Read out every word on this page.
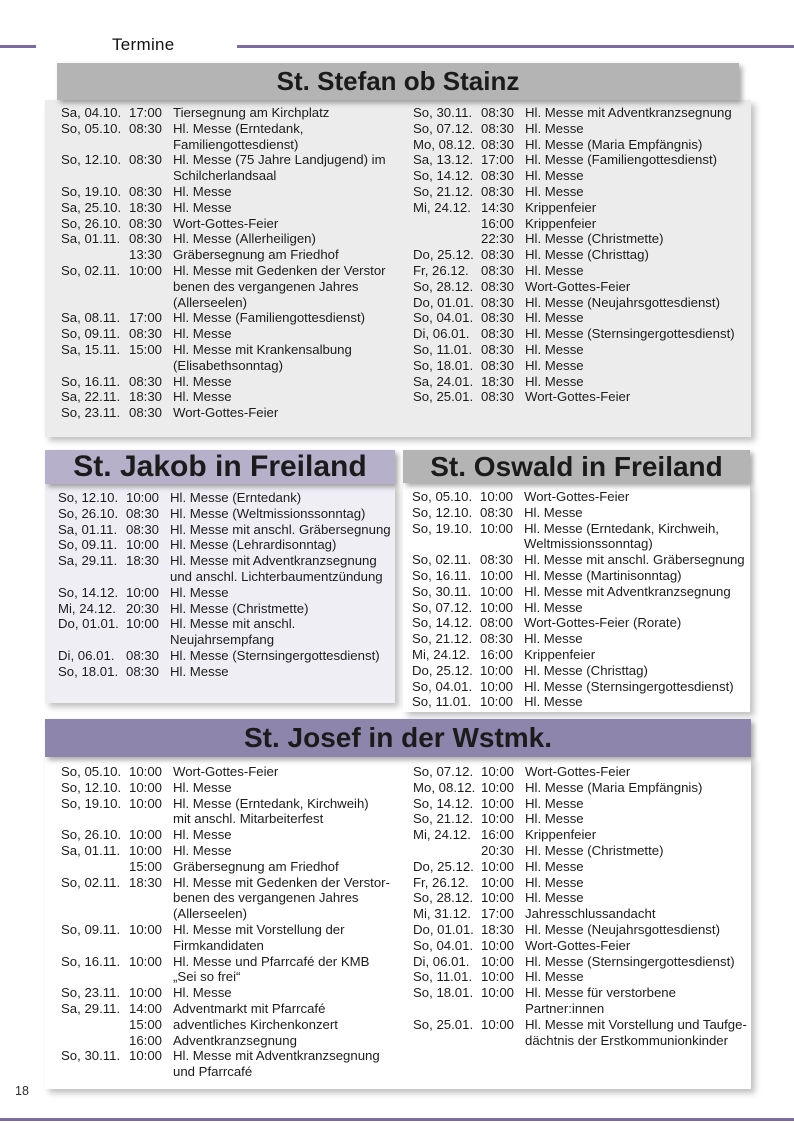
Termine
St. Stefan ob Stainz
Sa, 04.10. 17:00 Tiersegnung am Kirchplatz
So, 05.10. 08:30 Hl. Messe (Erntedank,
Familiengottesdienst)
So, 12.10. 08:30 Hl. Messe (75 Jahre Landjugend) im
Schilcherlandsaal
So, 19.10. 08:30 Hl. Messe
Sa, 25.10. 18:30 Hl. Messe
So, 26.10. 08:30 Wort-Gottes-Feier
Sa, 01.11. 08:30 Hl. Messe (Allerheiligen)
13:30 Gräbersegnung am Friedhof
So, 02.11. 10:00 Hl. Messe mit Gedenken der Verstor
benen des vergangenen Jahres
(Allerseelen)
Sa, 08.11. 17:00 Hl. Messe (Familiengottesdienst)
So, 09.11. 08:30 Hl. Messe
Sa, 15.11. 15:00 Hl. Messe mit Krankensalbung
(Elisabethsonntag)
So, 16.11. 08:30 Hl. Messe
Sa, 22.11. 18:30 Hl. Messe
So, 23.11. 08:30 Wort-Gottes-Feier
So, 30.11. 08:30 Hl. Messe mit Adventkranzsegnung
So, 07.12. 08:30 Hl. Messe
Mo, 08.12. 08:30 Hl. Messe (Maria Empfängnis)
Sa, 13.12. 17:00 Hl. Messe (Familiengottesdienst)
So, 14.12. 08:30 Hl. Messe
So, 21.12. 08:30 Hl. Messe
Mi, 24.12. 14:30 Krippenfeier
16:00 Krippenfeier
22:30 Hl. Messe (Christmette)
Do, 25.12. 08:30 Hl. Messe (Christtag)
Fr, 26.12. 08:30 Hl. Messe
So, 28.12. 08:30 Wort-Gottes-Feier
Do, 01.01. 08:30 Hl. Messe (Neujahrsgottesdienst)
So, 04.01. 08:30 Hl. Messe
Di, 06.01. 08:30 Hl. Messe (Sternsingergottesdienst)
So, 11.01. 08:30 Hl. Messe
So, 18.01. 08:30 Hl. Messe
Sa, 24.01. 18:30 Hl. Messe
So, 25.01. 08:30 Wort-Gottes-Feier
St. Jakob in Freiland
So, 12.10. 10:00 Hl. Messe (Erntedank)
So, 26.10. 08:30 Hl. Messe (Weltmissionssonntag)
Sa, 01.11. 08:30 Hl. Messe mit anschl. Gräbersegnung
So, 09.11. 10:00 Hl. Messe (Lehrardisonntag)
Sa, 29.11. 18:30 Hl. Messe mit Adventkranzsegnung
und anschl. Lichterbaumentzündung
So, 14.12. 10:00 Hl. Messe
Mi, 24.12. 20:30 Hl. Messe (Christmette)
Do, 01.01. 10:00 Hl. Messe mit anschl.
Neujahrsempfang
Di, 06.01. 08:30 Hl. Messe (Sternsingergottesdienst)
So, 18.01. 08:30 Hl. Messe
St. Oswald in Freiland
So, 05.10. 10:00 Wort-Gottes-Feier
So, 12.10. 08:30 Hl. Messe
So, 19.10. 10:00 Hl. Messe (Erntedank, Kirchweih,
Weltmissionssonntag)
So, 02.11. 08:30 Hl. Messe mit anschl. Gräbersegnung
So, 16.11. 10:00 Hl. Messe (Martinisonntag)
So, 30.11. 10:00 Hl. Messe mit Adventkranzsegnung
So, 07.12. 10:00 Hl. Messe
So, 14.12. 08:00 Wort-Gottes-Feier (Rorate)
So, 21.12. 08:30 Hl. Messe
Mi, 24.12. 16:00 Krippenfeier
Do, 25.12. 10:00 Hl. Messe (Christtag)
So, 04.01. 10:00 Hl. Messe (Sternsingergottesdienst)
So, 11.01. 10:00 Hl. Messe
St. Josef in der Wstmk.
So, 05.10. 10:00 Wort-Gottes-Feier
So, 12.10. 10:00 Hl. Messe
So, 19.10. 10:00 Hl. Messe (Erntedank, Kirchweih)
mit anschl. Mitarbeiterfest
So, 26.10. 10:00 Hl. Messe
Sa, 01.11. 10:00 Hl. Messe
15:00 Gräbersegnung am Friedhof
So, 02.11. 18:30 Hl. Messe mit Gedenken der Verstor-
benen des vergangenen Jahres
(Allerseelen)
So, 09.11. 10:00 Hl. Messe mit Vorstellung der
Firmkandidaten
So, 16.11. 10:00 Hl. Messe und Pfarrcafé der KMB
„Sei so frei“
So, 23.11. 10:00 Hl. Messe
Sa, 29.11. 14:00 Adventmarkt mit Pfarrcafé
15:00 adventliches Kirchenkonzert
16:00 Adventkranzsegnung
So, 30.11. 10:00 Hl. Messe mit Adventkranzsegnung
und Pfarrcafé
So, 07.12. 10:00 Wort-Gottes-Feier
Mo, 08.12. 10:00 Hl. Messe (Maria Empfängnis)
So, 14.12. 10:00 Hl. Messe
So, 21.12. 10:00 Hl. Messe
Mi, 24.12. 16:00 Krippenfeier
20:30 Hl. Messe (Christmette)
Do, 25.12. 10:00 Hl. Messe
Fr, 26.12. 10:00 Hl. Messe
So, 28.12. 10:00 Hl. Messe
Mi, 31.12. 17:00 Jahresschlussandacht
Do, 01.01. 18:30 Hl. Messe (Neujahrsgottesdienst)
So, 04.01. 10:00 Wort-Gottes-Feier
Di, 06.01. 10:00 Hl. Messe (Sternsingergottesdienst)
So, 11.01. 10:00 Hl. Messe
So, 18.01. 10:00 Hl. Messe für verstorbene
Partner:innen
So, 25.01. 10:00 Hl. Messe mit Vorstellung und Taufge-
dächtnis der Erstkommunionkinder
18
